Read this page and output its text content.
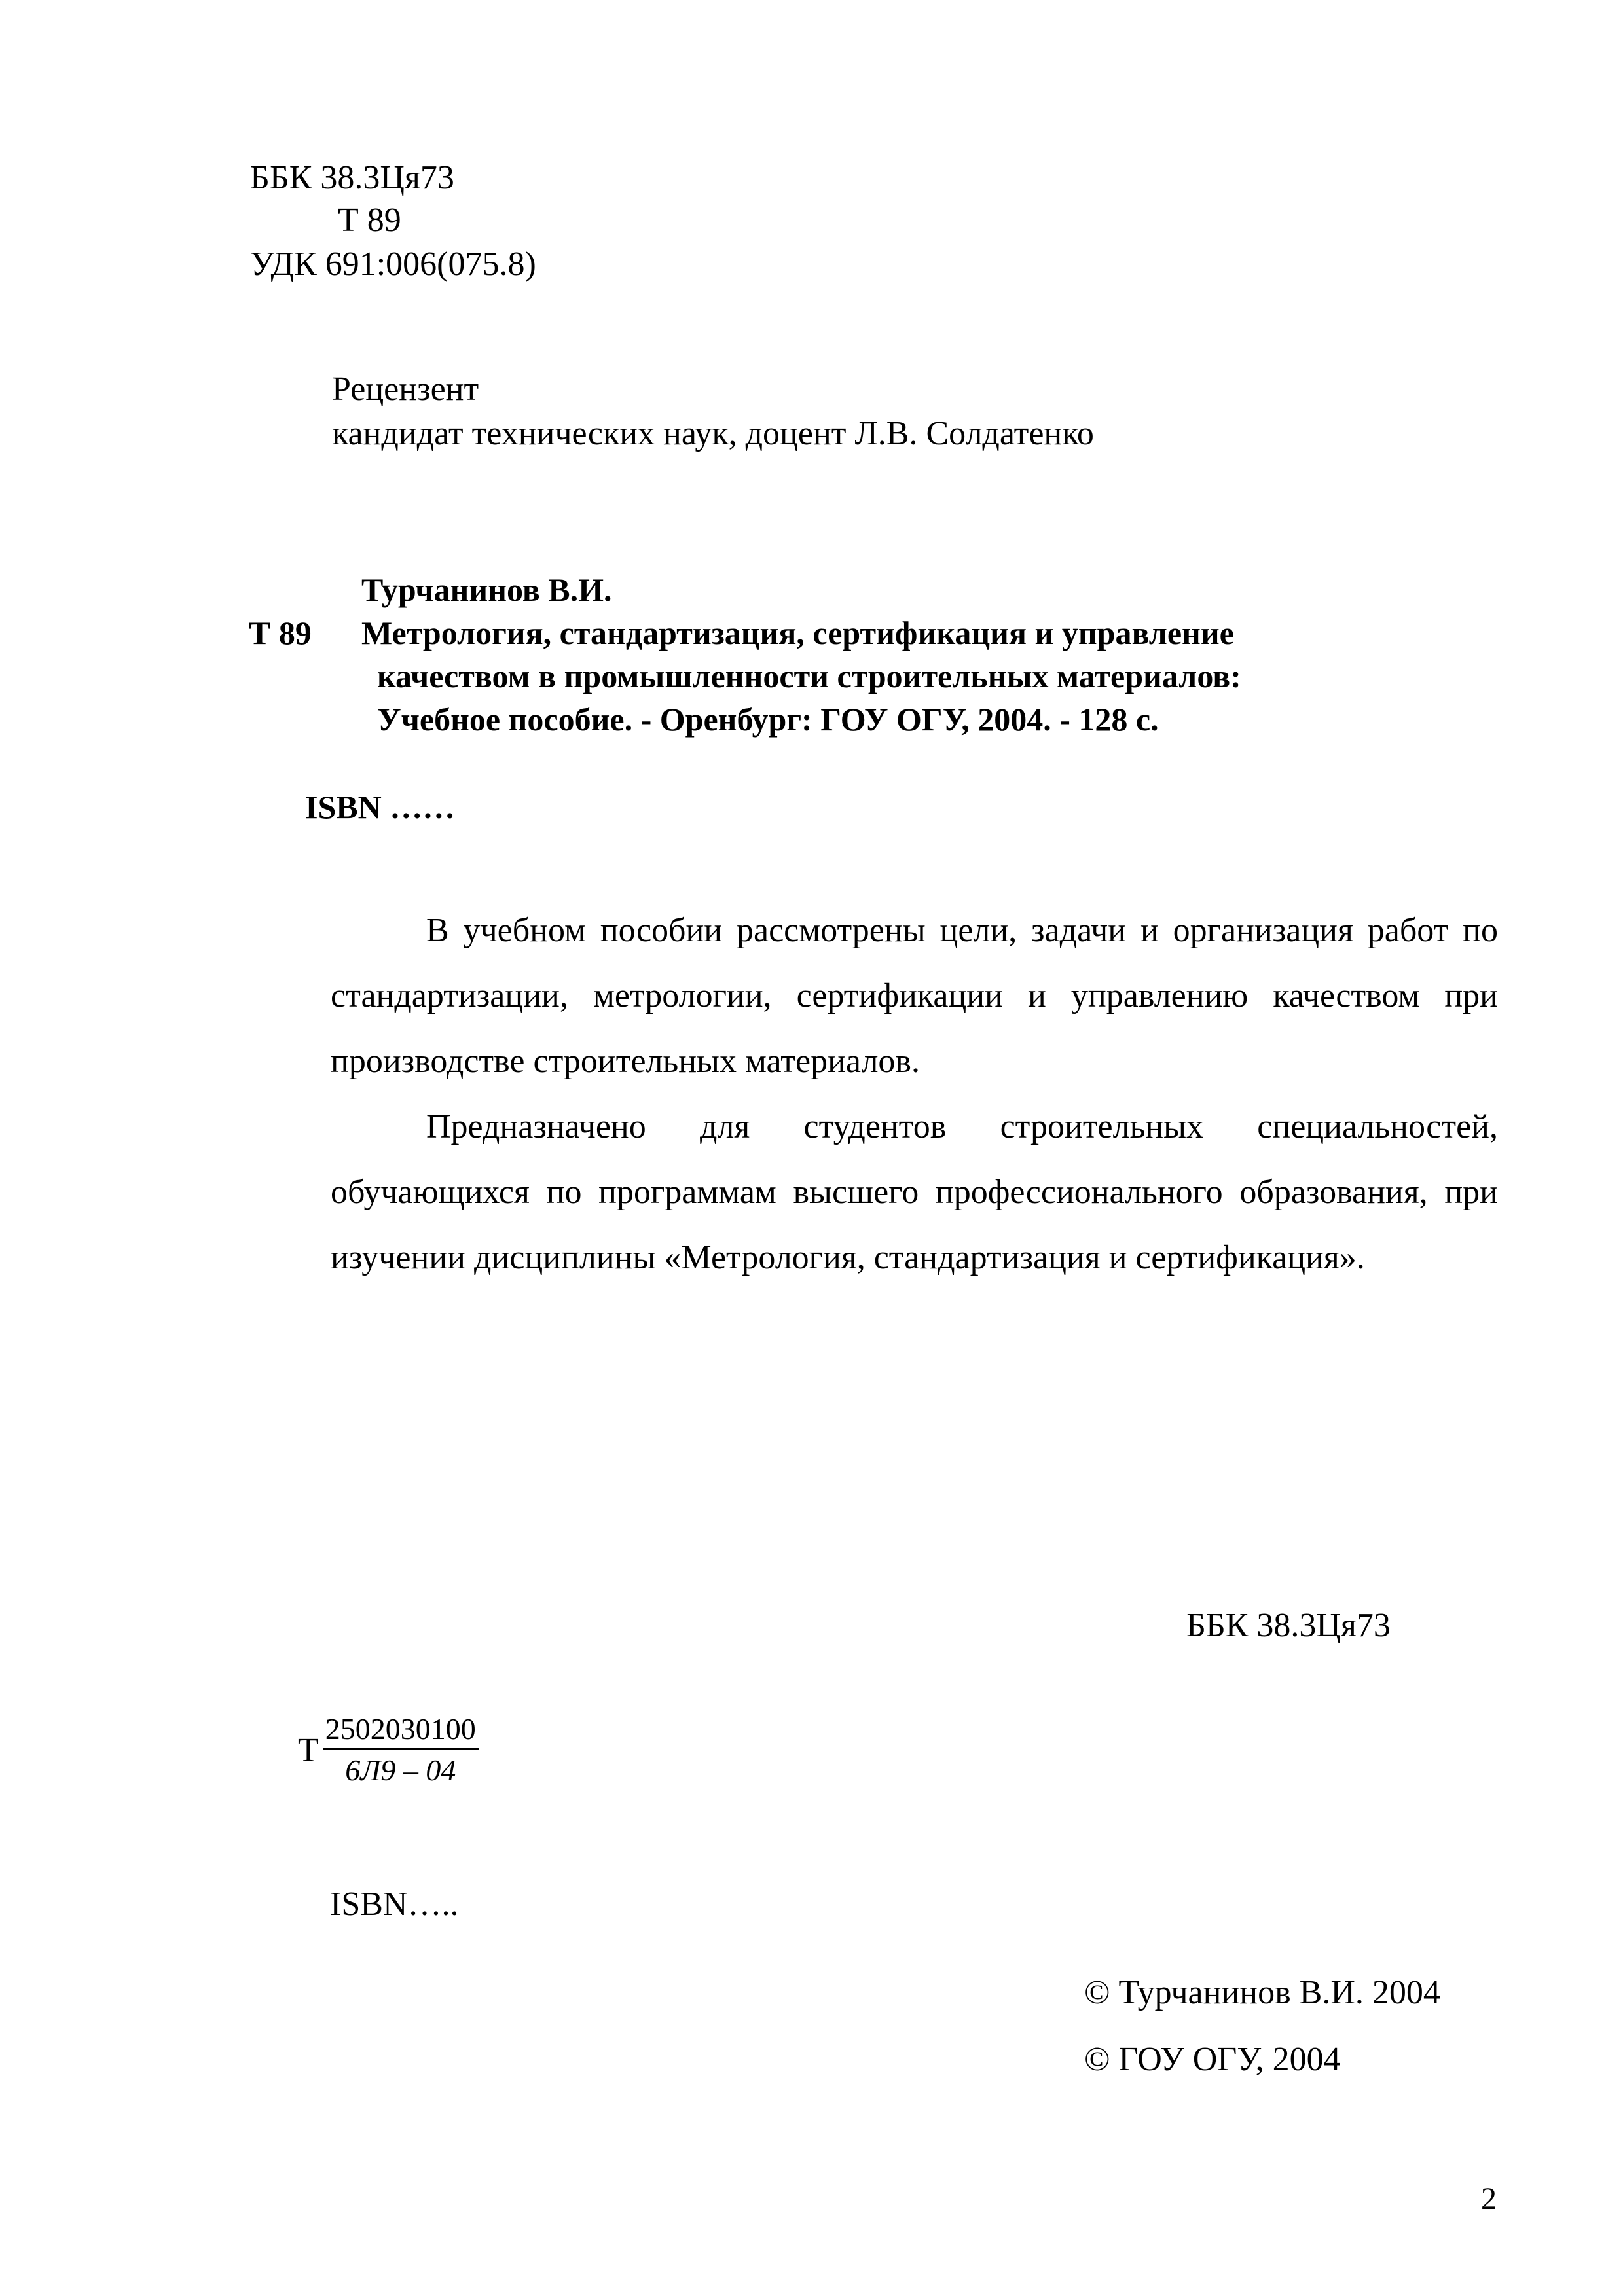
ББК 38.3Ця73
Т 89
УДК 691:006(075.8)
Рецензент
кандидат технических наук, доцент Л.В. Солдатенко
Турчанинов В.И.
Т 89 Метрология, стандартизация, сертификация и управление
качеством в промышленности строительных материалов:
Учебное пособие. - Оренбург: ГОУ ОГУ, 2004. - 128 с.
ISBN ……

В учебном пособии рассмотрены цели, задачи и организация работ по стандартизации, метрологии, сертификации и управлению качеством при производстве строительных материалов.

Предназначено для студентов строительных специальностей, обучающихся по программам высшего профессионального образования, при изучении дисциплины «Метрология, стандартизация и сертификация».

ББК 38.3Ця73
Т $\frac{2502030100}{6Л9 - 04}$
ISBN…..
© Турчанинов В.И. 2004
© ГОУ ОГУ, 2004
2
